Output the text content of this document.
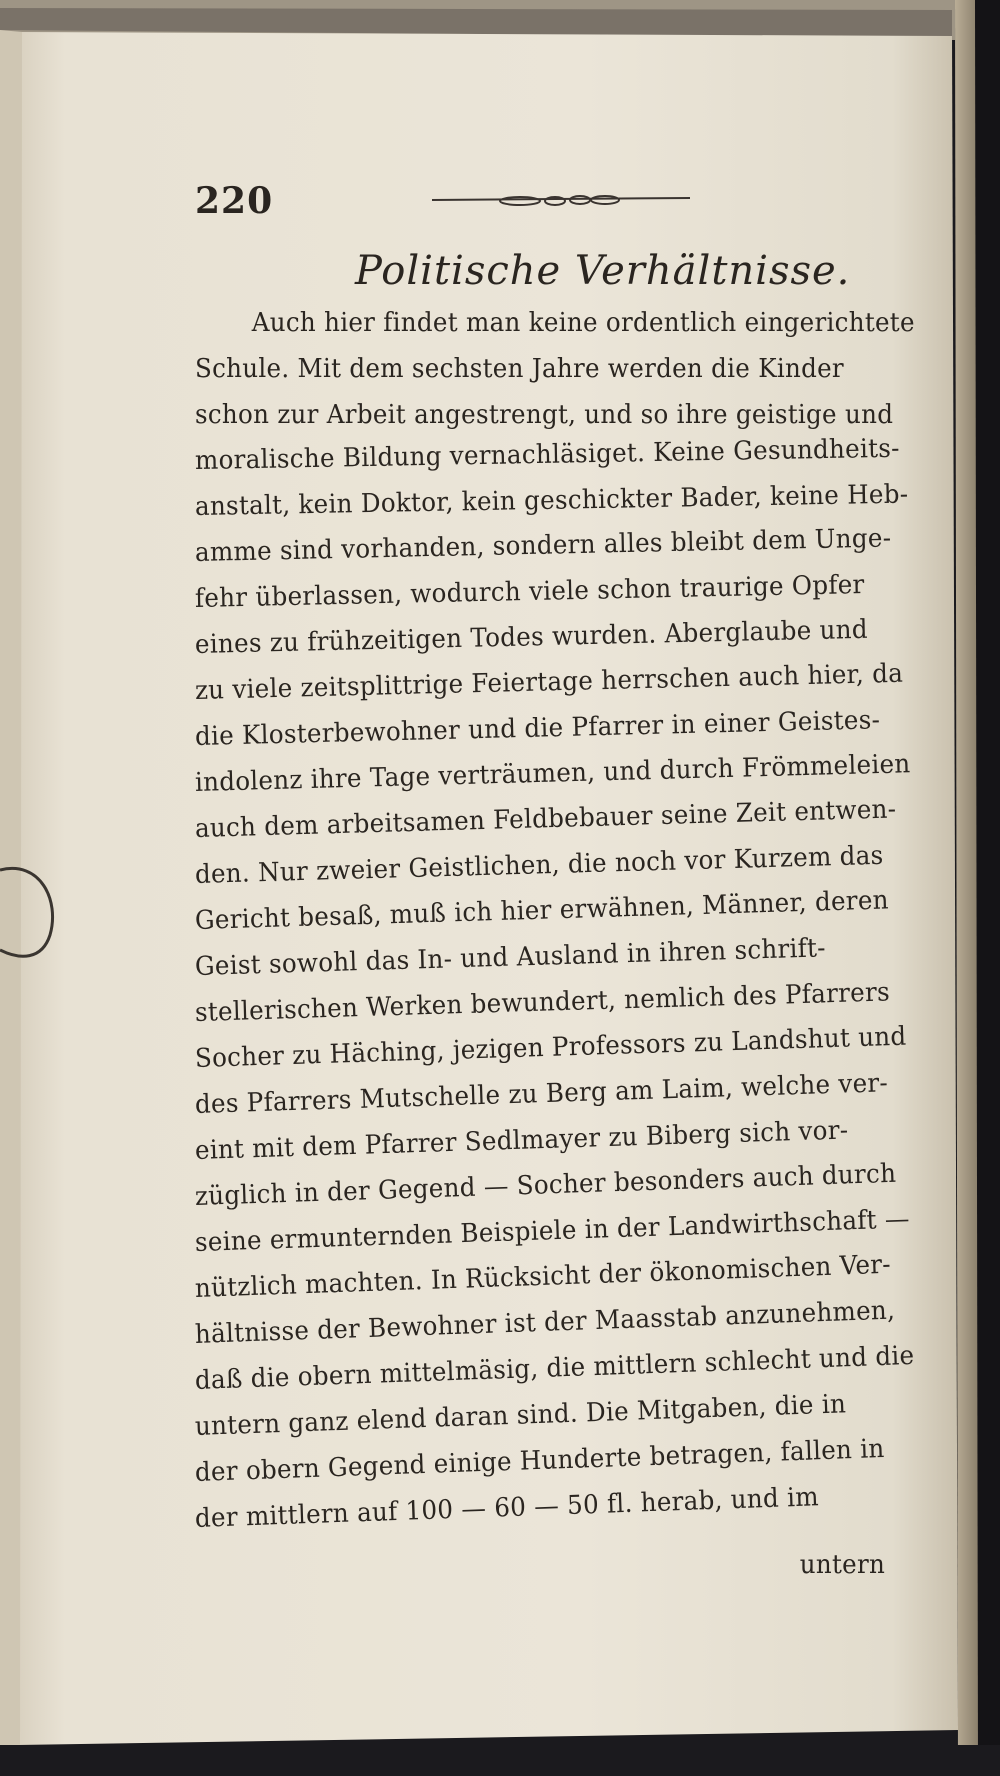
220
Politische Verhältnisse.
Auch hier findet man keine ordentlich eingerichtete
Schule. Mit dem sechsten Jahre werden die Kinder
schon zur Arbeit angestrengt, und so ihre geistige und
moralische Bildung vernachläsiget. Keine Gesundheits-
anstalt, kein Doktor, kein geschickter Bader, keine Heb-
amme sind vorhanden, sondern alles bleibt dem Unge-
fehr überlassen, wodurch viele schon traurige Opfer
eines zu frühzeitigen Todes wurden. Aberglaube und
zu viele zeitsplittrige Feiertage herrschen auch hier, da
die Klosterbewohner und die Pfarrer in einer Geistes-
indolenz ihre Tage verträumen, und durch Frömmeleien
auch dem arbeitsamen Feldbebauer seine Zeit entwen-
den. Nur zweier Geistlichen, die noch vor Kurzem das
Gericht besaß, muß ich hier erwähnen, Männer, deren
Geist sowohl das In- und Ausland in ihren schrift-
stellerischen Werken bewundert, nemlich des Pfarrers
Socher zu Häching, jezigen Professors zu Landshut und
des Pfarrers Mutschelle zu Berg am Laim, welche ver-
eint mit dem Pfarrer Sedlmayer zu Biberg sich vor-
züglich in der Gegend — Socher besonders auch durch
seine ermunternden Beispiele in der Landwirthschaft —
nützlich machten. In Rücksicht der ökonomischen Ver-
hältnisse der Bewohner ist der Maasstab anzunehmen,
daß die obern mittelmäsig, die mittlern schlecht und die
untern ganz elend daran sind. Die Mitgaben, die in
der obern Gegend einige Hunderte betragen, fallen in
der mittlern auf 100 — 60 — 50 fl. herab, und im
untern
